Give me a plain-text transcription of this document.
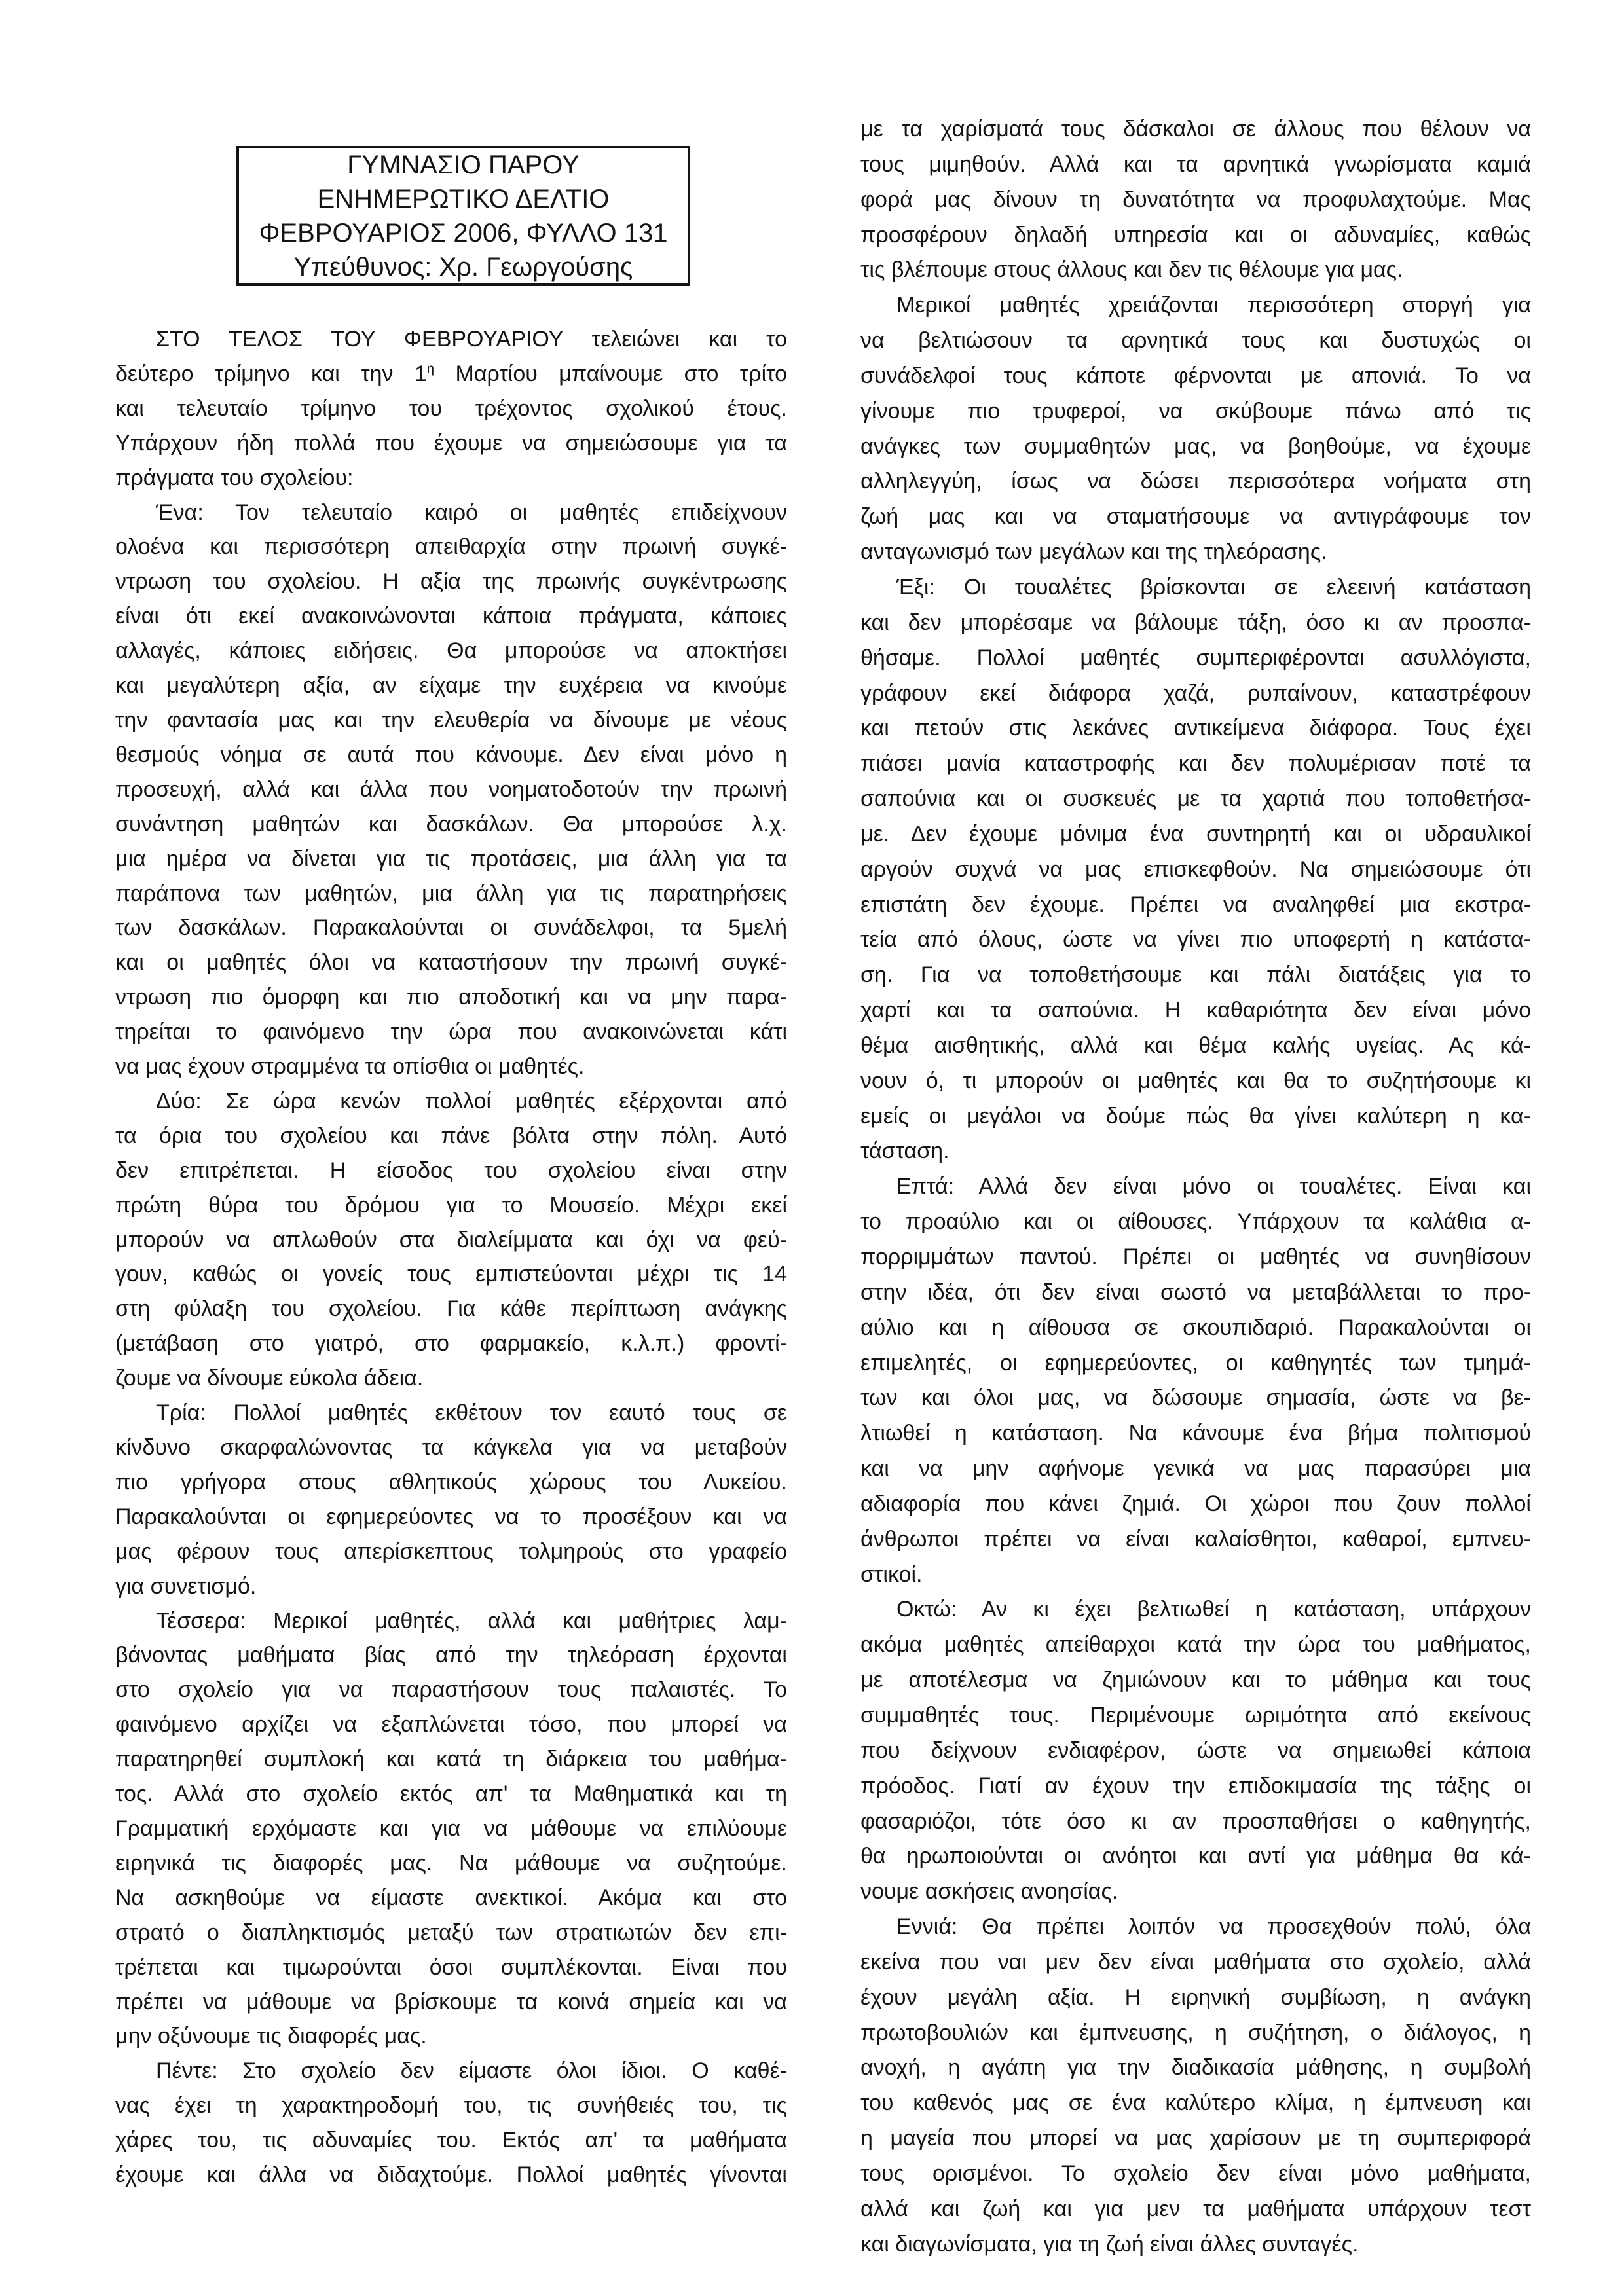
ΓΥΜΝΑΣΙΟ ΠΑΡΟΥ
ΕΝΗΜΕΡΩΤΙΚΟ ΔΕΛΤΙΟ
ΦΕΒΡΟΥΑΡΙΟΣ 2006, ΦΥΛΛΟ 131
Υπεύθυνος: Χρ. Γεωργούσης
ΣΤΟ ΤΕΛΟΣ ΤΟΥ ΦΕΒΡΟΥΑΡΙΟΥ τελειώνει και το
δεύτερο τρίμηνο και την $1^\eta$ Μαρτίου μπαίνουμε στο τρίτο
και τελευταίο τρίμηνο του τρέχοντος σχολικού έτους.
Υπάρχουν ήδη πολλά που έχουμε να σημειώσουμε για τα
πράγματα του σχολείου:
Ένα: Τον τελευταίο καιρό οι μαθητές επιδείχνουν
ολοένα και περισσότερη απειθαρχία στην πρωινή συγκέ-
ντρωση του σχολείου. Η αξία της πρωινής συγκέντρωσης
είναι ότι εκεί ανακοινώνονται κάποια πράγματα, κάποιες
αλλαγές, κάποιες ειδήσεις. Θα μπορούσε να αποκτήσει
και μεγαλύτερη αξία, αν είχαμε την ευχέρεια να κινούμε
την φαντασία μας και την ελευθερία να δίνουμε με νέους
θεσμούς νόημα σε αυτά που κάνουμε. Δεν είναι μόνο η
προσευχή, αλλά και άλλα που νοηματοδοτούν την πρωινή
συνάντηση μαθητών και δασκάλων. Θα μπορούσε λ.χ.
μια ημέρα να δίνεται για τις προτάσεις, μια άλλη για τα
παράπονα των μαθητών, μια άλλη για τις παρατηρήσεις
των δασκάλων. Παρακαλούνται οι συνάδελφοι, τα 5μελή
και οι μαθητές όλοι να καταστήσουν την πρωινή συγκέ-
ντρωση πιο όμορφη και πιο αποδοτική και να μην παρα-
τηρείται το φαινόμενο την ώρα που ανακοινώνεται κάτι
να μας έχουν στραμμένα τα οπίσθια οι μαθητές.
Δύο: Σε ώρα κενών πολλοί μαθητές εξέρχονται από
τα όρια του σχολείου και πάνε βόλτα στην πόλη. Αυτό
δεν επιτρέπεται. Η είσοδος του σχολείου είναι στην
πρώτη θύρα του δρόμου για το Μουσείο. Μέχρι εκεί
μπορούν να απλωθούν στα διαλείμματα και όχι να φεύ-
γουν, καθώς οι γονείς τους εμπιστεύονται μέχρι τις 14
στη φύλαξη του σχολείου. Για κάθε περίπτωση ανάγκης
(μετάβαση στο γιατρό, στο φαρμακείο, κ.λ.π.) φροντί-
ζουμε να δίνουμε εύκολα άδεια.
Τρία: Πολλοί μαθητές εκθέτουν τον εαυτό τους σε
κίνδυνο σκαρφαλώνοντας τα κάγκελα για να μεταβούν
πιο γρήγορα στους αθλητικούς χώρους του Λυκείου.
Παρακαλούνται οι εφημερεύοντες να το προσέξουν και να
μας φέρουν τους απερίσκεπτους τολμηρούς στο γραφείο
για συνετισμό.
Τέσσερα: Μερικοί μαθητές, αλλά και μαθήτριες λαμ-
βάνοντας μαθήματα βίας από την τηλεόραση έρχονται
στο σχολείο για να παραστήσουν τους παλαιστές. Το
φαινόμενο αρχίζει να εξαπλώνεται τόσο, που μπορεί να
παρατηρηθεί συμπλοκή και κατά τη διάρκεια του μαθήμα-
τος. Αλλά στο σχολείο εκτός απ' τα Μαθηματικά και τη
Γραμματική ερχόμαστε και για να μάθουμε να επιλύουμε
ειρηνικά τις διαφορές μας. Να μάθουμε να συζητούμε.
Να ασκηθούμε να είμαστε ανεκτικοί. Ακόμα και στο
στρατό ο διαπληκτισμός μεταξύ των στρατιωτών δεν επι-
τρέπεται και τιμωρούνται όσοι συμπλέκονται. Είναι που
πρέπει να μάθουμε να βρίσκουμε τα κοινά σημεία και να
μην οξύνουμε τις διαφορές μας.
Πέντε: Στο σχολείο δεν είμαστε όλοι ίδιοι. Ο καθέ-
νας έχει τη χαρακτηροδομή του, τις συνήθειές του, τις
χάρες του, τις αδυναμίες του. Εκτός απ' τα μαθήματα
έχουμε και άλλα να διδαχτούμε. Πολλοί μαθητές γίνονται
με τα χαρίσματά τους δάσκαλοι σε άλλους που θέλουν να
τους μιμηθούν. Αλλά και τα αρνητικά γνωρίσματα καμιά
φορά μας δίνουν τη δυνατότητα να προφυλαχτούμε. Μας
προσφέρουν δηλαδή υπηρεσία και οι αδυναμίες, καθώς
τις βλέπουμε στους άλλους και δεν τις θέλουμε για μας.
Μερικοί μαθητές χρειάζονται περισσότερη στοργή για
να βελτιώσουν τα αρνητικά τους και δυστυχώς οι
συνάδελφοί τους κάποτε φέρνονται με απονιά. Το να
γίνουμε πιο τρυφεροί, να σκύβουμε πάνω από τις
ανάγκες των συμμαθητών μας, να βοηθούμε, να έχουμε
αλληλεγγύη, ίσως να δώσει περισσότερα νοήματα στη
ζωή μας και να σταματήσουμε να αντιγράφουμε τον
ανταγωνισμό των μεγάλων και της τηλεόρασης.
Έξι: Οι τουαλέτες βρίσκονται σε ελεεινή κατάσταση
και δεν μπορέσαμε να βάλουμε τάξη, όσο κι αν προσπα-
θήσαμε. Πολλοί μαθητές συμπεριφέρονται ασυλλόγιστα,
γράφουν εκεί διάφορα χαζά, ρυπαίνουν, καταστρέφουν
και πετούν στις λεκάνες αντικείμενα διάφορα. Τους έχει
πιάσει μανία καταστροφής και δεν πολυμέρισαν ποτέ τα
σαπούνια και οι συσκευές με τα χαρτιά που τοποθετήσα-
με. Δεν έχουμε μόνιμα ένα συντηρητή και οι υδραυλικοί
αργούν συχνά να μας επισκεφθούν. Να σημειώσουμε ότι
επιστάτη δεν έχουμε. Πρέπει να αναληφθεί μια εκστρα-
τεία από όλους, ώστε να γίνει πιο υποφερτή η κατάστα-
ση. Για να τοποθετήσουμε και πάλι διατάξεις για το
χαρτί και τα σαπούνια. Η καθαριότητα δεν είναι μόνο
θέμα αισθητικής, αλλά και θέμα καλής υγείας. Ας κά-
νουν ό, τι μπορούν οι μαθητές και θα το συζητήσουμε κι
εμείς οι μεγάλοι να δούμε πώς θα γίνει καλύτερη η κα-
τάσταση.
Επτά: Αλλά δεν είναι μόνο οι τουαλέτες. Είναι και
το προαύλιο και οι αίθουσες. Υπάρχουν τα καλάθια α-
πορριμμάτων παντού. Πρέπει οι μαθητές να συνηθίσουν
στην ιδέα, ότι δεν είναι σωστό να μεταβάλλεται το προ-
αύλιο και η αίθουσα σε σκουπιδαριό. Παρακαλούνται οι
επιμελητές, οι εφημερεύοντες, οι καθηγητές των τμημά-
των και όλοι μας, να δώσουμε σημασία, ώστε να βε-
λτιωθεί η κατάσταση. Να κάνουμε ένα βήμα πολιτισμού
και να μην αφήνομε γενικά να μας παρασύρει μια
αδιαφορία που κάνει ζημιά. Οι χώροι που ζουν πολλοί
άνθρωποι πρέπει να είναι καλαίσθητοι, καθαροί, εμπνευ-
στικοί.
Οκτώ: Αν κι έχει βελτιωθεί η κατάσταση, υπάρχουν
ακόμα μαθητές απείθαρχοι κατά την ώρα του μαθήματος,
με αποτέλεσμα να ζημιώνουν και το μάθημα και τους
συμμαθητές τους. Περιμένουμε ωριμότητα από εκείνους
που δείχνουν ενδιαφέρον, ώστε να σημειωθεί κάποια
πρόοδος. Γιατί αν έχουν την επιδοκιμασία της τάξης οι
φασαριόζοι, τότε όσο κι αν προσπαθήσει ο καθηγητής,
θα ηρωποιούνται οι ανόητοι και αντί για μάθημα θα κά-
νουμε ασκήσεις ανοησίας.
Εννιά: Θα πρέπει λοιπόν να προσεχθούν πολύ, όλα
εκείνα που ναι μεν δεν είναι μαθήματα στο σχολείο, αλλά
έχουν μεγάλη αξία. Η ειρηνική συμβίωση, η ανάγκη
πρωτοβουλιών και έμπνευσης, η συζήτηση, ο διάλογος, η
ανοχή, η αγάπη για την διαδικασία μάθησης, η συμβολή
του καθενός μας σε ένα καλύτερο κλίμα, η έμπνευση και
η μαγεία που μπορεί να μας χαρίσουν με τη συμπεριφορά
τους ορισμένοι. Το σχολείο δεν είναι μόνο μαθήματα,
αλλά και ζωή και για μεν τα μαθήματα υπάρχουν τεστ
και διαγωνίσματα, για τη ζωή είναι άλλες συνταγές.
